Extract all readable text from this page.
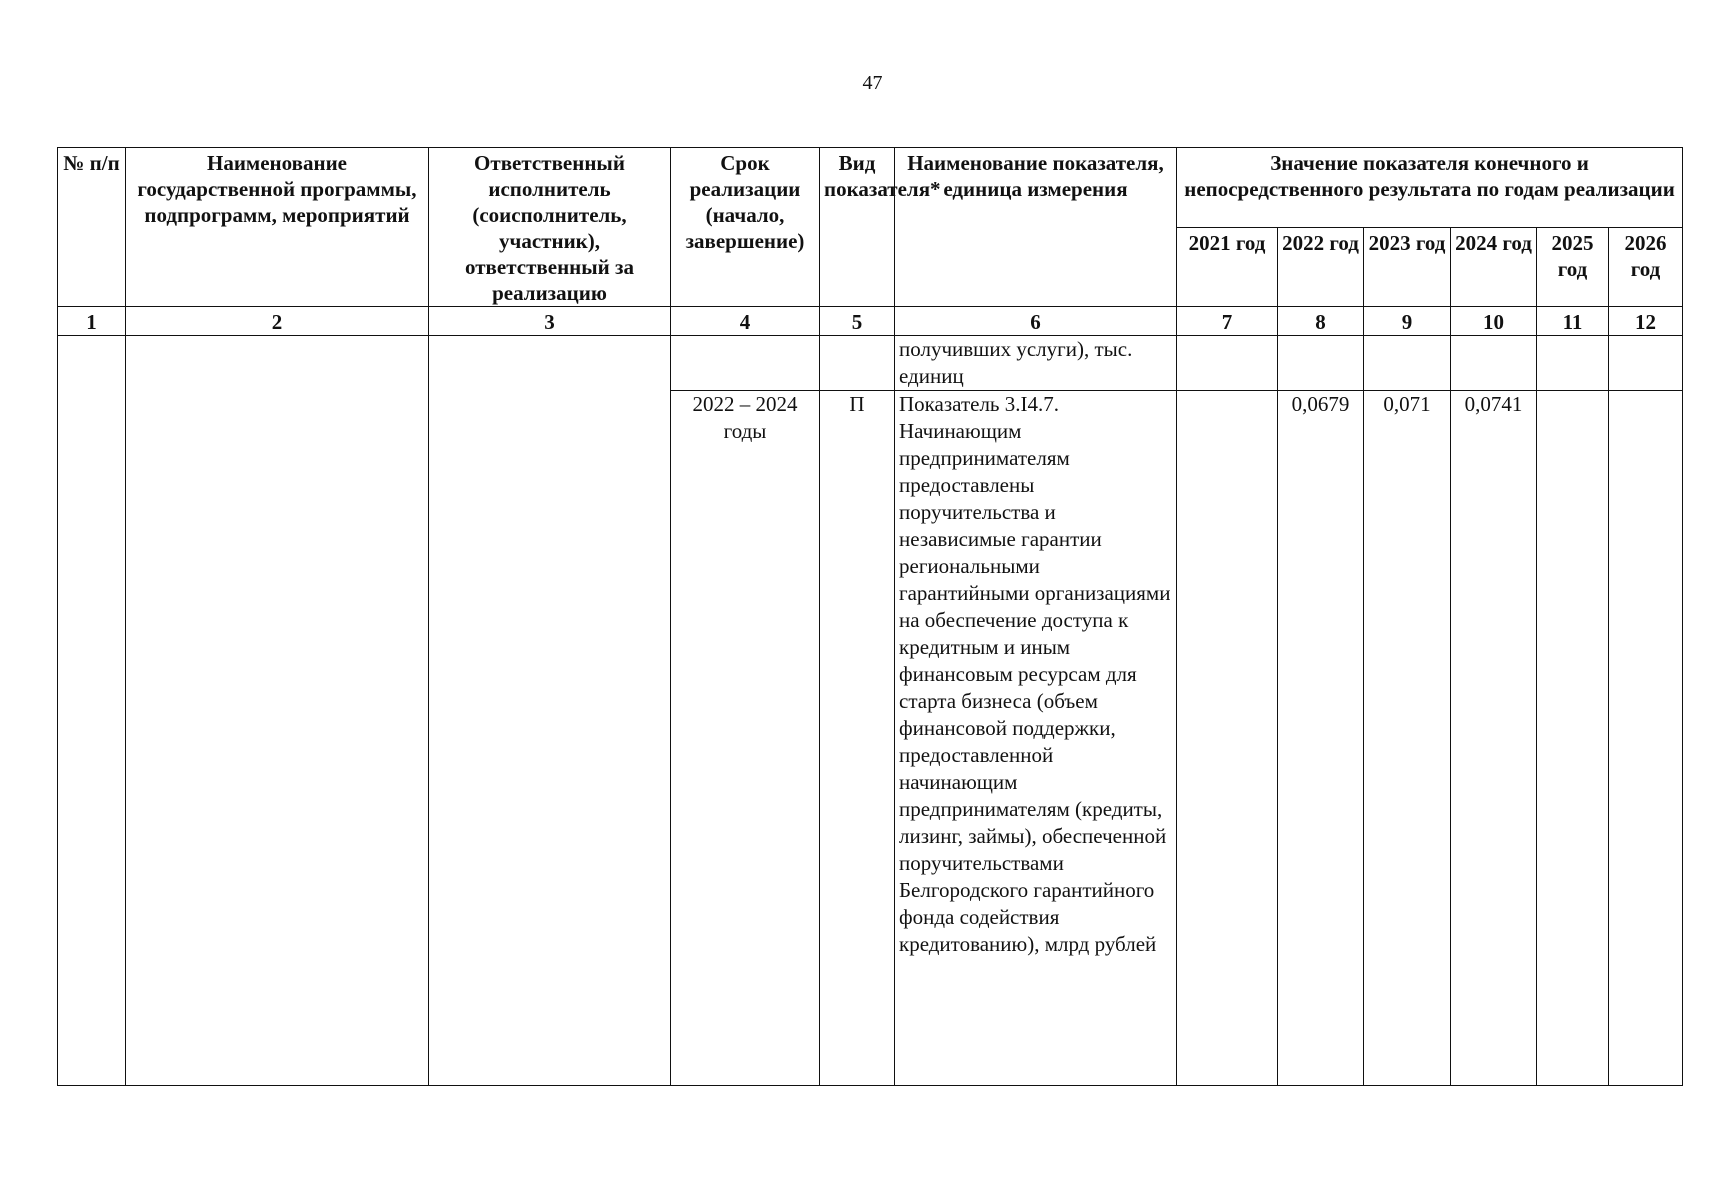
47
№ п/п	Наименование государственной программы, подпрограмм, мероприятий	Ответственный исполнитель (соисполнитель, участник), ответственный за реализацию	Срок реализации (начало, завершение)	Вид показателя*	Наименование показателя, единица измерения	Значение показателя конечного и непосредственного результата по годам реализации					
						2021 год	2022 год	2023 год	2024 год	2025 год	2026 год
1	2	3	4	5	6	7	8	9	10	11	12
					получивших услуги), тыс. единиц						
			2022 – 2024 годы	П	Показатель 3.I4.7. Начинающим предпринимателям предоставлены поручительства и независимые гарантии региональными гарантийными организациями на обеспечение доступа к кредитным и иным финансовым ресурсам для старта бизнеса (объем финансовой поддержки, предоставленной начинающим предпринимателям (кредиты, лизинг, займы), обеспеченной поручительствами Белгородского гарантийного фонда содействия кредитованию), млрд рублей		0,0679	0,071	0,0741		
